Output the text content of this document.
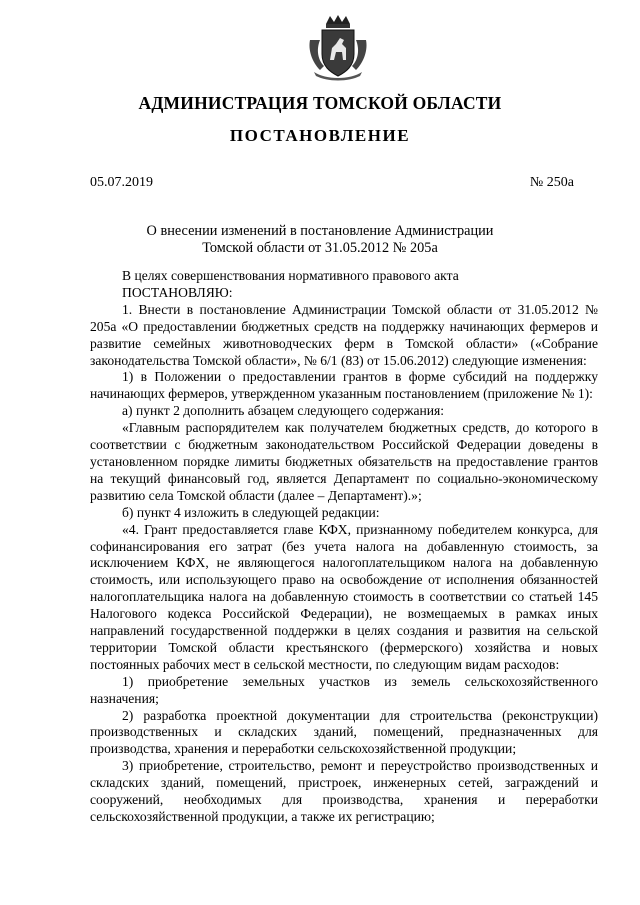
АДМИНИСТРАЦИЯ ТОМСКОЙ ОБЛАСТИ
ПОСТАНОВЛЕНИЕ
05.07.2019	№ 250а
О внесении изменений в постановление Администрации
Томской области от 31.05.2012 № 205а
В целях совершенствования нормативного правового акта
ПОСТАНОВЛЯЮ:
1. Внести в постановление Администрации Томской области от 31.05.2012 № 205а «О предоставлении бюджетных средств на поддержку начинающих фермеров и развитие семейных животноводческих ферм в Томской области» («Собрание законодательства Томской области», № 6/1 (83) от 15.06.2012) следующие изменения:
1) в Положении о предоставлении грантов в форме субсидий на поддержку начинающих фермеров, утвержденном указанным постановлением (приложение № 1):
а) пункт 2 дополнить абзацем следующего содержания:
«Главным распорядителем как получателем бюджетных средств, до которого в соответствии с бюджетным законодательством Российской Федерации доведены в установленном порядке лимиты бюджетных обязательств на предоставление грантов на текущий финансовый год, является Департамент по социально-экономическому развитию села Томской области (далее – Департамент).»;
б) пункт 4 изложить в следующей редакции:
«4. Грант предоставляется главе КФХ, признанному победителем конкурса, для софинансирования его затрат (без учета налога на добавленную стоимость, за исключением КФХ, не являющегося налогоплательщиком налога на добавленную стоимость, или использующего право на освобождение от исполнения обязанностей налогоплательщика налога на добавленную стоимость в соответствии со статьей 145 Налогового кодекса Российской Федерации), не возмещаемых в рамках иных направлений государственной поддержки в целях создания и развития на сельской территории Томской области крестьянского (фермерского) хозяйства и новых постоянных рабочих мест в сельской местности, по следующим видам расходов:
1) приобретение земельных участков из земель сельскохозяйственного назначения;
2) разработка проектной документации для строительства (реконструкции) производственных и складских зданий, помещений, предназначенных для производства, хранения и переработки сельскохозяйственной продукции;
3) приобретение, строительство, ремонт и переустройство производственных и складских зданий, помещений, пристроек, инженерных сетей, заграждений и сооружений, необходимых для производства, хранения и переработки сельскохозяйственной продукции, а также их регистрацию;
